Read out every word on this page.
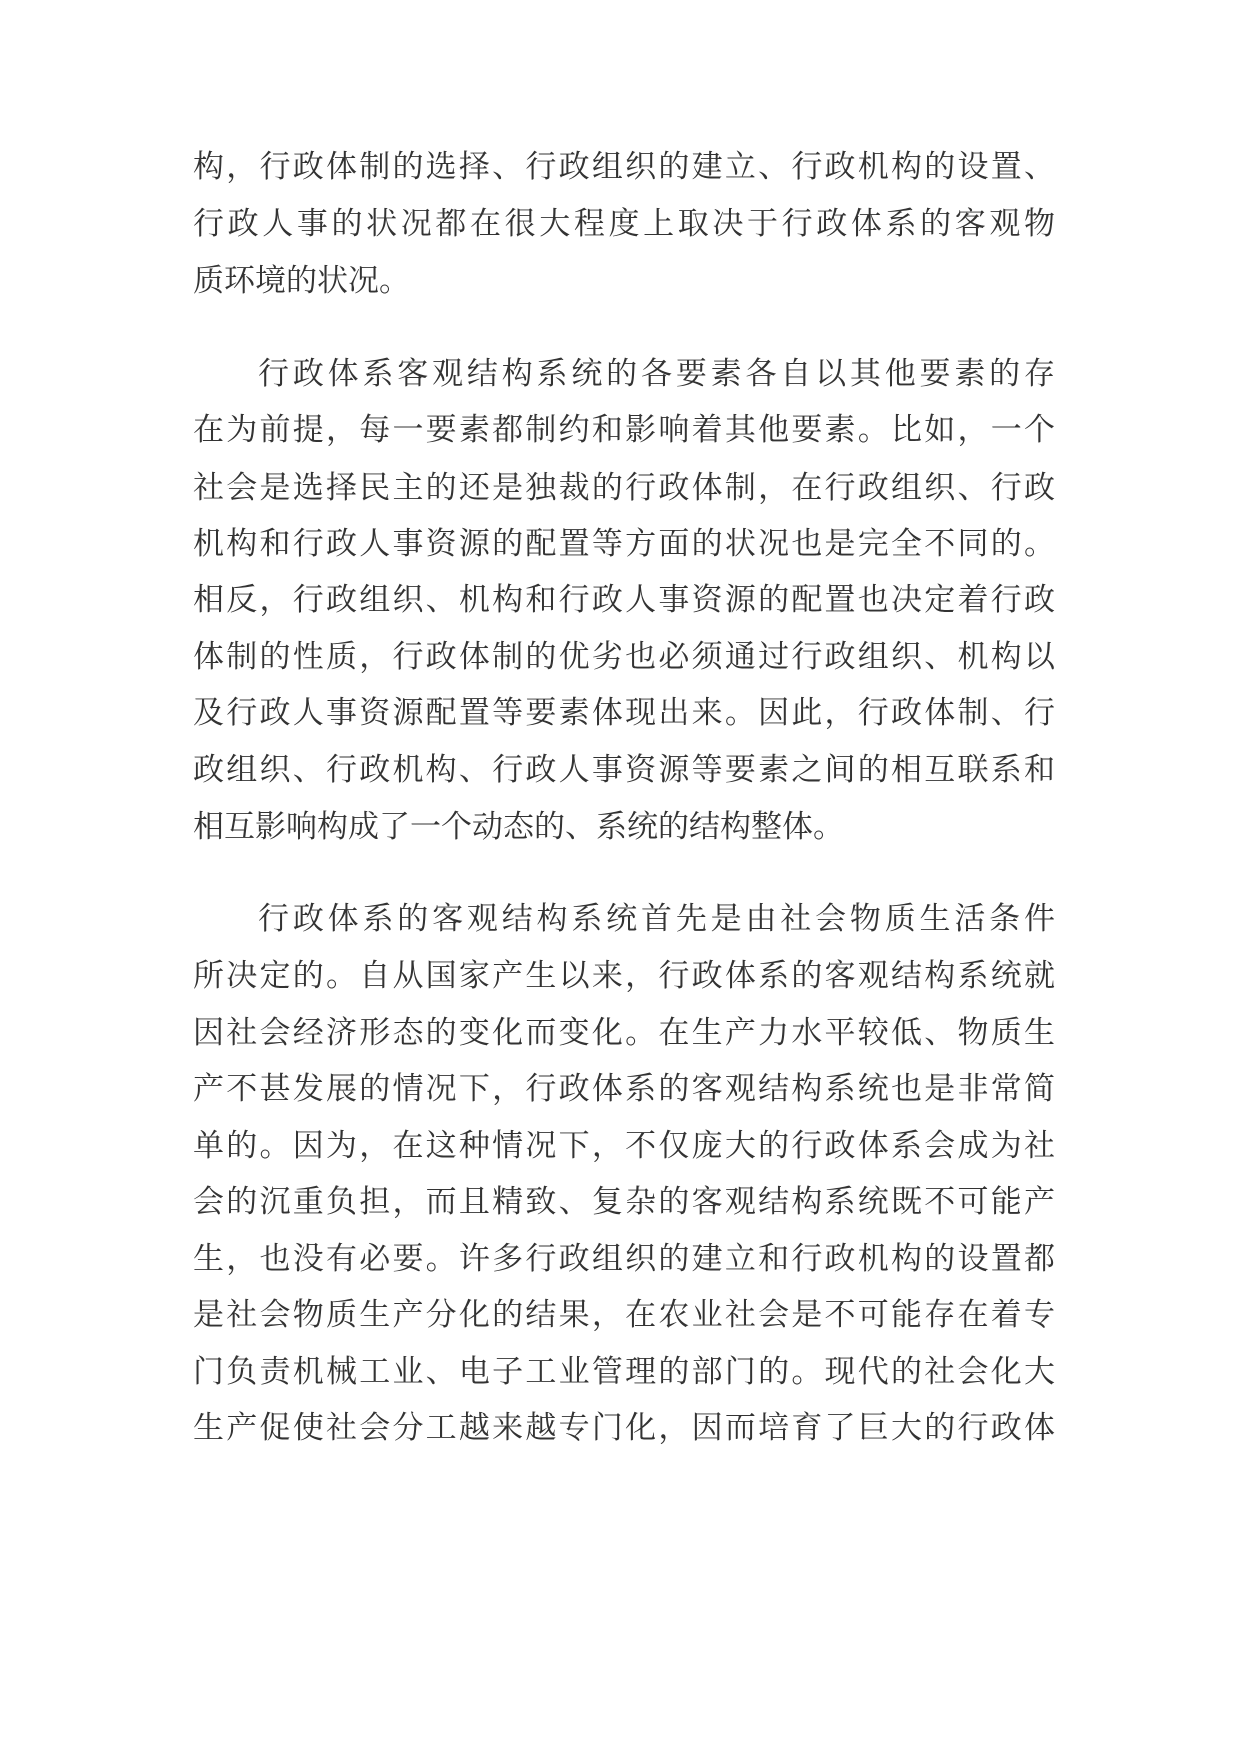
构，行政体制的选择、行政组织的建立、行政机构的设置、
行政人事的状况都在很大程度上取决于行政体系的客观物
质环境的状况。
行政体系客观结构系统的各要素各自以其他要素的存
在为前提，每一要素都制约和影响着其他要素。比如，一个
社会是选择民主的还是独裁的行政体制，在行政组织、行政
机构和行政人事资源的配置等方面的状况也是完全不同的。
相反，行政组织、机构和行政人事资源的配置也决定着行政
体制的性质，行政体制的优劣也必须通过行政组织、机构以
及行政人事资源配置等要素体现出来。因此，行政体制、行
政组织、行政机构、行政人事资源等要素之间的相互联系和
相互影响构成了一个动态的、系统的结构整体。
行政体系的客观结构系统首先是由社会物质生活条件
所决定的。自从国家产生以来，行政体系的客观结构系统就
因社会经济形态的变化而变化。在生产力水平较低、物质生
产不甚发展的情况下，行政体系的客观结构系统也是非常简
单的。因为，在这种情况下，不仅庞大的行政体系会成为社
会的沉重负担，而且精致、复杂的客观结构系统既不可能产
生，也没有必要。许多行政组织的建立和行政机构的设置都
是社会物质生产分化的结果，在农业社会是不可能存在着专
门负责机械工业、电子工业管理的部门的。现代的社会化大
生产促使社会分工越来越专门化，因而培育了巨大的行政体
